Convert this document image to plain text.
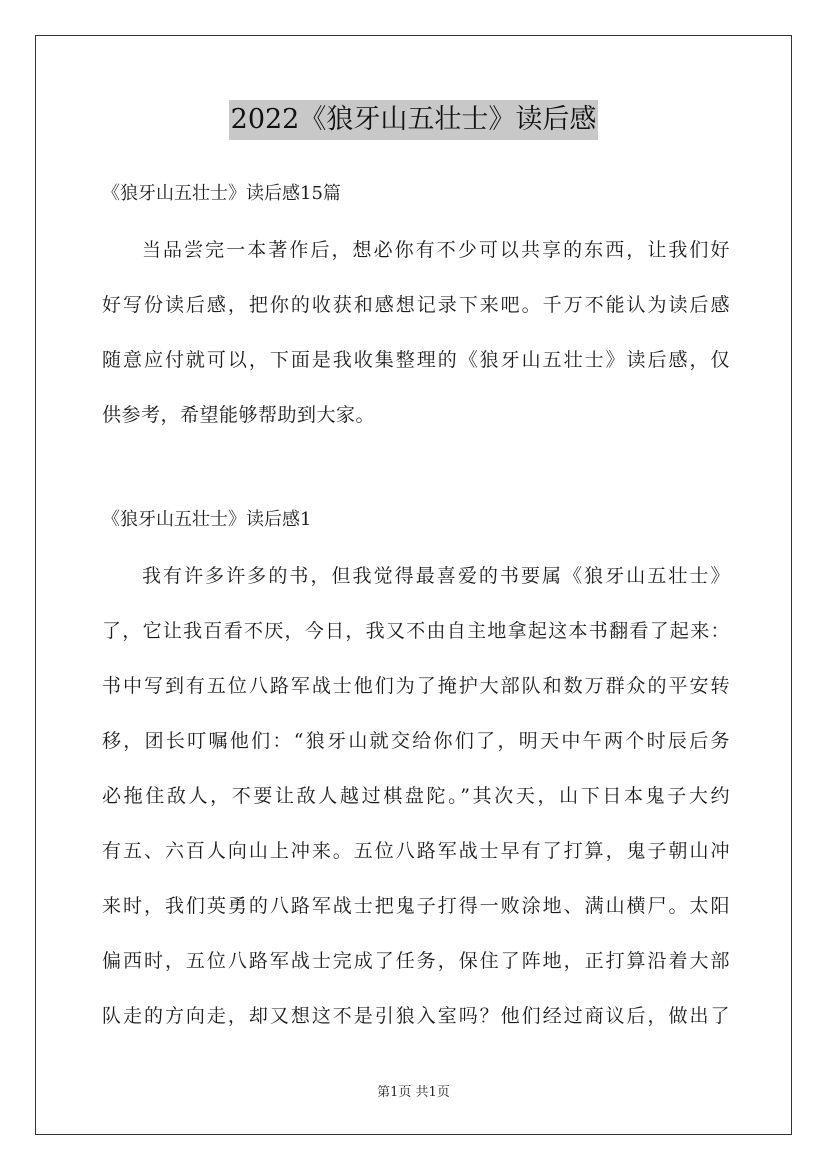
2022《狼牙山五壮士》读后感
《狼牙山五壮士》读后感15篇

当品尝完一本著作后，想必你有不少可以共享的东西，让我们好
好写份读后感，把你的收获和感想记录下来吧。千万不能认为读后感
随意应付就可以，下面是我收集整理的《狼牙山五壮士》读后感，仅
供参考，希望能够帮助到大家。

《狼牙山五壮士》读后感1

我有许多许多的书，但我觉得最喜爱的书要属《狼牙山五壮士》
了，它让我百看不厌，今日，我又不由自主地拿起这本书翻看了起来：
书中写到有五位八路军战士他们为了掩护大部队和数万群众的平安转
移，团长叮嘱他们：“狼牙山就交给你们了，明天中午两个时辰后务
必拖住敌人，不要让敌人越过棋盘陀。”其次天，山下日本鬼子大约
有五、六百人向山上冲来。五位八路军战士早有了打算，鬼子朝山冲
来时，我们英勇的八路军战士把鬼子打得一败涂地、满山横尸。太阳
偏西时，五位八路军战士完成了任务，保住了阵地，正打算沿着大部
队走的方向走，却又想这不是引狼入室吗？他们经过商议后，做出了

第1页 共1页
